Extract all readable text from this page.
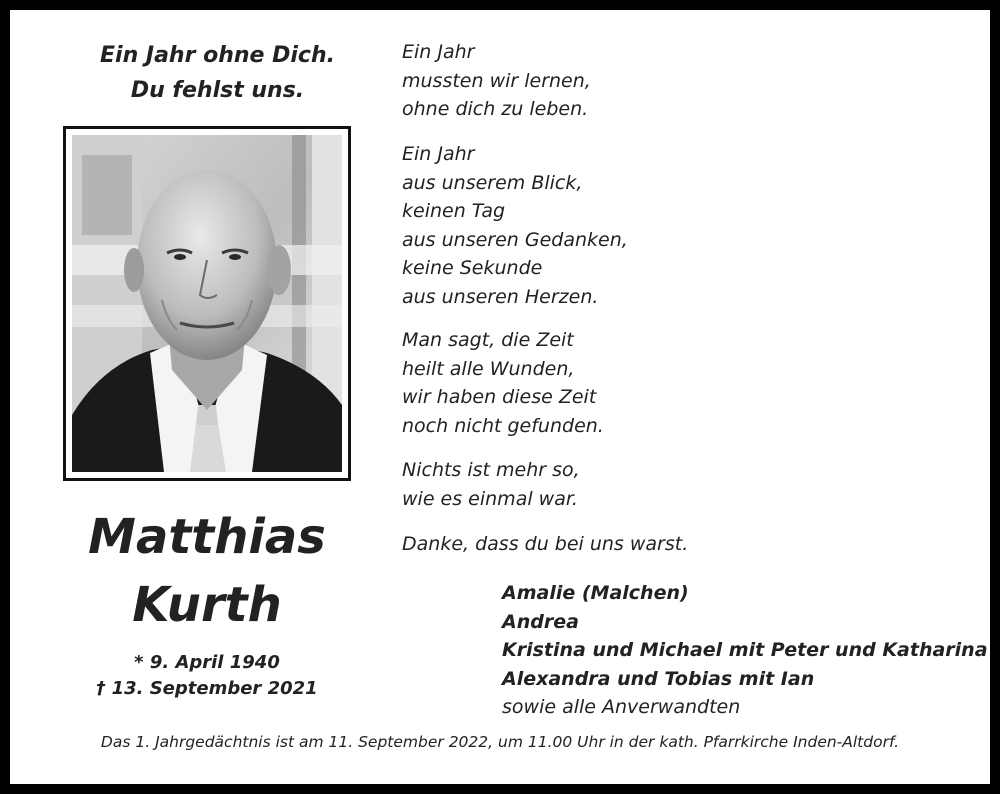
Ein Jahr ohne Dich.
Du fehlst uns.
Matthias
Kurth
* 9. April 1940
† 13. September 2021
Ein Jahr
mussten wir lernen,
ohne dich zu leben.
Ein Jahr
aus unserem Blick,
keinen Tag
aus unseren Gedanken,
keine Sekunde
aus unseren Herzen.
Man sagt, die Zeit
heilt alle Wunden,
wir haben diese Zeit
noch nicht gefunden.
Nichts ist mehr so,
wie es einmal war.
Danke, dass du bei uns warst.
Amalie (Malchen)
Andrea
Kristina und Michael mit Peter und Katharina
Alexandra und Tobias mit Ian
sowie alle Anverwandten
Das 1. Jahrgedächtnis ist am 11. September 2022, um 11.00 Uhr in der kath. Pfarrkirche Inden-Altdorf.
